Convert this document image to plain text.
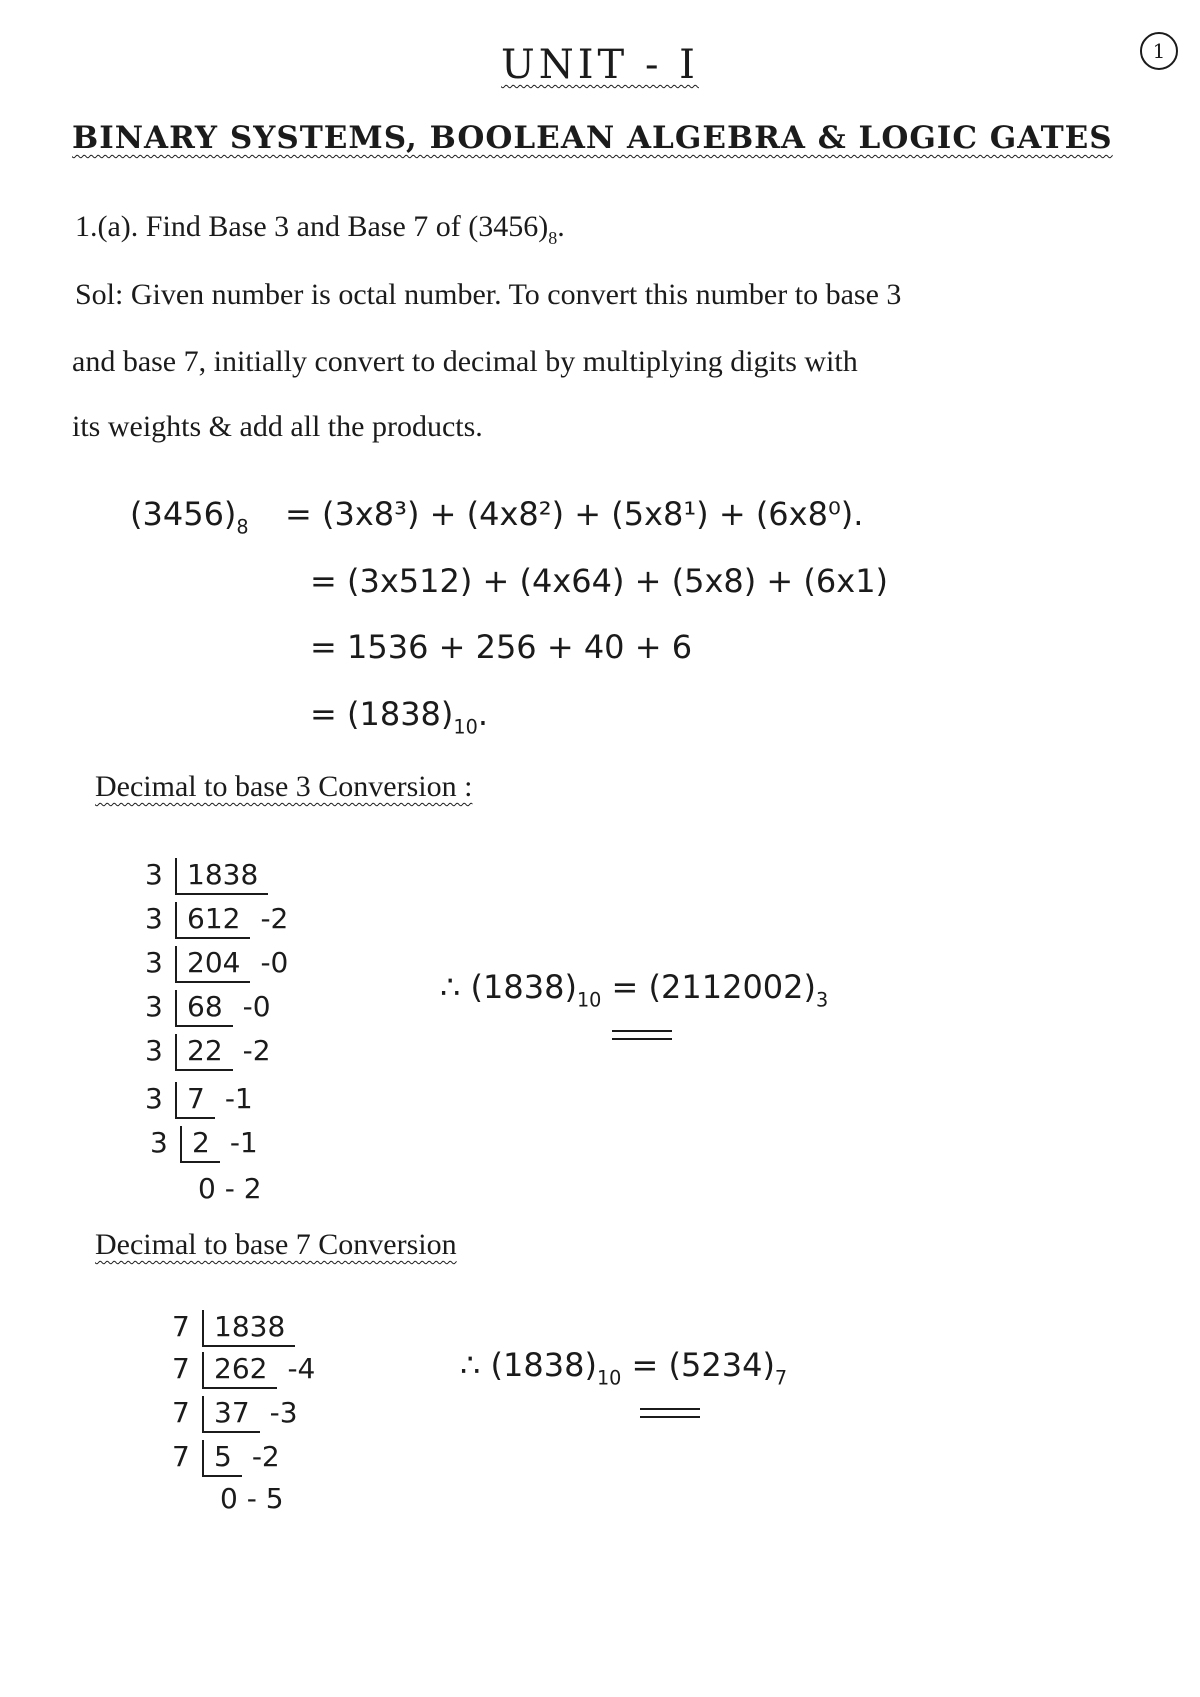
UNIT - I	1
BINARY SYSTEMS, BOOLEAN ALGEBRA & LOGIC GATES
1.(a). Find Base 3 and Base 7 of $(3456)_8$.
Sol: Given number is octal number. To convert this number to base 3
and base 7, initially convert to decimal by multiplying digits with
its weights & add all the products.
$(3456)_8 = (3x8^3) + (4x8^2) + (5x8^1) + (6x8^0)$.
= (3x512) + (4x64) + (5x8) + (6x1)
= 1536 + 256 + 40 + 6
= $(1838)_{10}$.
Decimal to base 3 Conversion :
3 1838
3 612 -2
3 204 -0
3 68 -0
3 22 -2
3 7 -1
3 2 -1
0 - 2
∴ $(1838)_{10} = (2112002)_3$
Decimal to base 7 Conversion
7 1838
7 262 -4
7 37 -3
7 5 -2
0 - 5
∴ $(1838)_{10} = (5234)_7$
